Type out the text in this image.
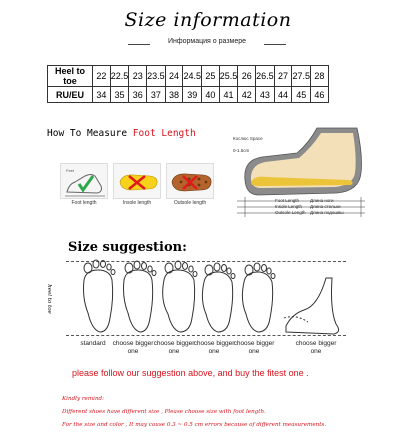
Size information
Информация о размере
Heel to toe	22	22.5	23	23.5	24	24.5	25	25.5	26	26.5	27	27.5	28
RU/EU	34	35	36	37	38	39	40	41	42	43	44	45	46
How To Measure Foot Length
Feet
Foot length	Insole length	Outsole length
Кослюс Space
0-1.5cm
Foot Length Длина ноги
Insole Length Длина стельки
Outsole Length Длина подошвы
Size suggestion:
heel to toe
standard	choose bigger one
choose bigger one
choose bigger one
choose bigger one
choose bigger one
please follow our suggestion above, and buy the fitest one .
Kindly remind:
Different shoes have different size , Please choose size with foot length.
For the size and color , It may cause 0.3 ~ 0.5 cm errors because of different measurements.
